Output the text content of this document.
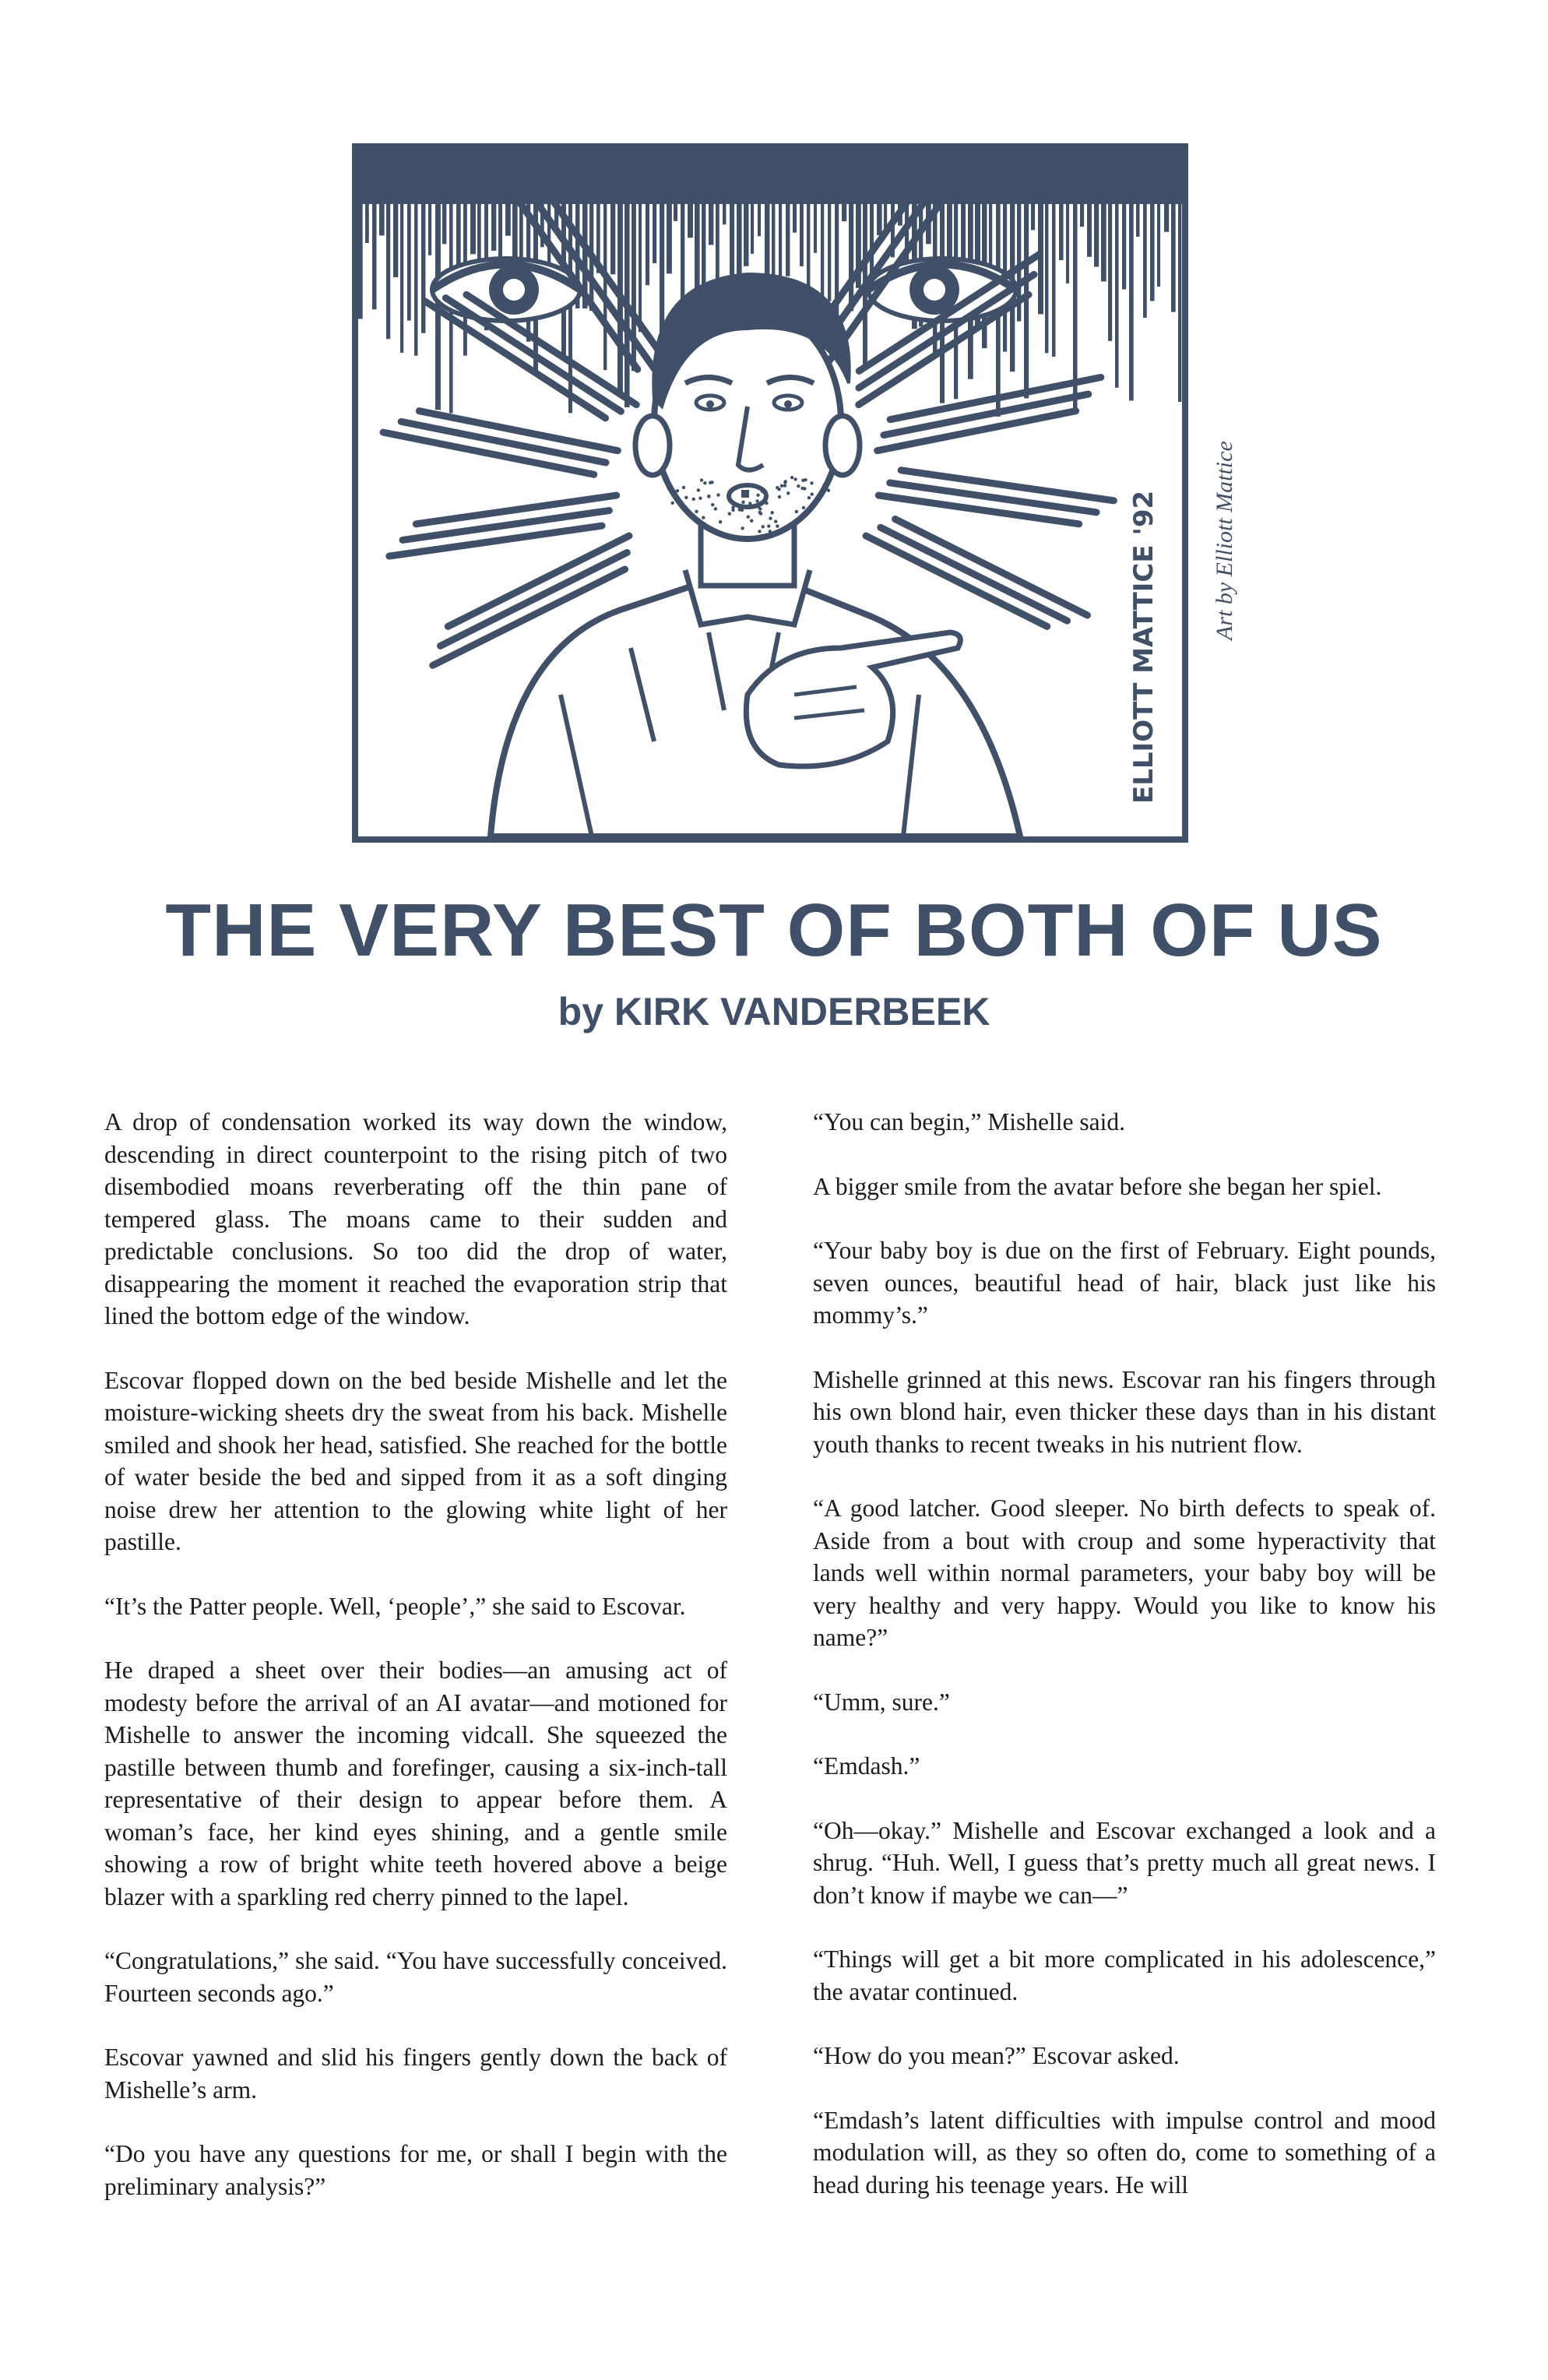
ELLIOTT MATTICE '92 Art by Elliott Mattice
THE VERY BEST OF BOTH OF US
by KIRK VANDERBEEK

A drop of condensation worked its way down the window, descending in direct counterpoint to the rising pitch of two disembodied moans reverberating off the thin pane of tempered glass. The moans came to their sudden and predictable conclusions. So too did the drop of water, disappearing the moment it reached the evaporation strip that lined the bottom edge of the window.

Escovar flopped down on the bed beside Mishelle and let the moisture-wicking sheets dry the sweat from his back. Mishelle smiled and shook her head, satisfied. She reached for the bottle of water beside the bed and sipped from it as a soft dinging noise drew her attention to the glowing white light of her pastille.

“It’s the Patter people. Well, ‘people’,” she said to Escovar.

He draped a sheet over their bodies—an amusing act of modesty before the arrival of an AI avatar—and motioned for Mishelle to answer the incoming vidcall. She squeezed the pastille between thumb and forefinger, causing a six-inch-tall representative of their design to appear before them. A woman’s face, her kind eyes shining, and a gentle smile showing a row of bright white teeth hovered above a beige blazer with a sparkling red cherry pinned to the lapel.

“Congratulations,” she said. “You have successfully conceived. Fourteen seconds ago.”

Escovar yawned and slid his fingers gently down the back of Mishelle’s arm.

“Do you have any questions for me, or shall I begin with the preliminary analysis?”

“You can begin,” Mishelle said.

A bigger smile from the avatar before she began her spiel.

“Your baby boy is due on the first of February. Eight pounds, seven ounces, beautiful head of hair, black just like his mommy’s.”

Mishelle grinned at this news. Escovar ran his fingers through his own blond hair, even thicker these days than in his distant youth thanks to recent tweaks in his nutrient flow.

“A good latcher. Good sleeper. No birth defects to speak of. Aside from a bout with croup and some hyperactivity that lands well within normal parameters, your baby boy will be very healthy and very happy. Would you like to know his name?”

“Umm, sure.”

“Emdash.”

“Oh—okay.” Mishelle and Escovar exchanged a look and a shrug. “Huh. Well, I guess that’s pretty much all great news. I don’t know if maybe we can—”

“Things will get a bit more complicated in his adolescence,” the avatar continued.

“How do you mean?” Escovar asked.

“Emdash’s latent difficulties with impulse control and mood modulation will, as they so often do, come to something of a head during his teenage years. He will
